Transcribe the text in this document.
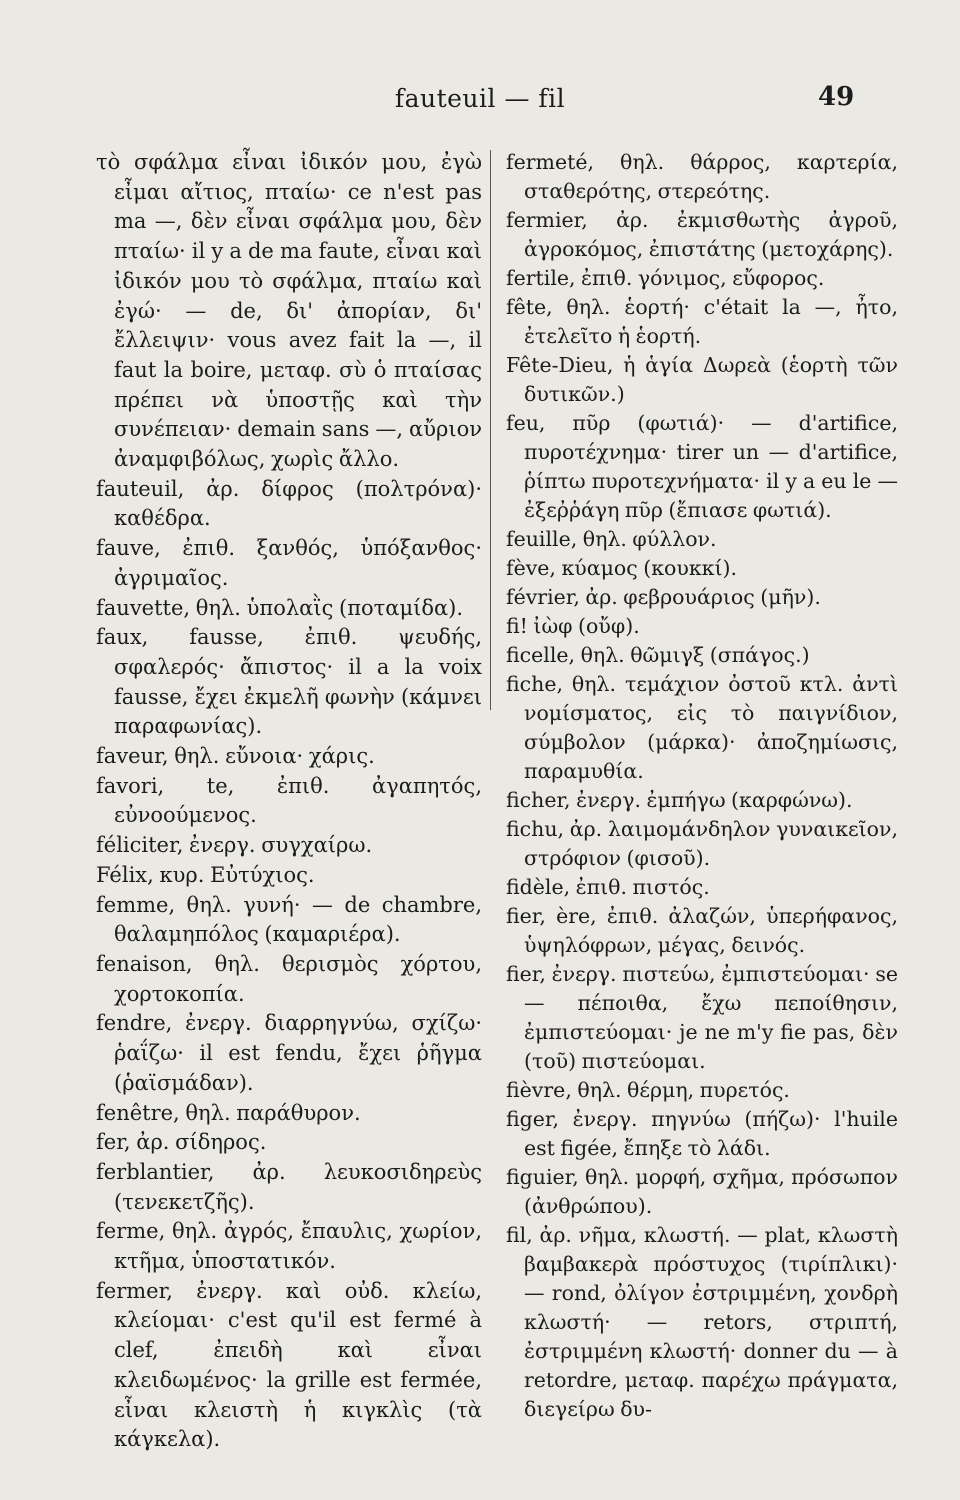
fauteuil — fil	49

τὸ σφάλμα εἶναι ἰδικόν μου, ἐγὼ εἶμαι αἴτιος, πταίω· ce n'est pas ma —, δὲν εἶναι σφάλμα μου, δὲν πταίω· il y a de ma faute, εἶναι καὶ ἰδικόν μου τὸ σφάλμα, πταίω καὶ ἐγώ· — de, δι' ἀπορίαν, δι' ἔλλειψιν· vous avez fait la —, il faut la boire, μεταφ. σὺ ὁ πταίσας πρέπει νὰ ὑποστῇς καὶ τὴν συνέπειαν· demain sans —, αὔριον ἀναμφιβόλως, χωρὶς ἄλλο.

fauteuil, ἀρ. δίφρος (πολτρόνα)· καθέδρα.

fauve, ἐπιθ. ξανθός, ὑπόξανθος· ἀγριμαῖος.

fauvette, θηλ. ὑπολαῒς (ποταμίδα).

faux, fausse, ἐπιθ. ψευδής, σφαλερός· ἄπιστος· il a la voix fausse, ἔχει ἐκμελῆ φωνὴν (κάμνει παραφωνίας).

faveur, θηλ. εὔνοια· χάρις.

favori, te, ἐπιθ. ἀγαπητός, εὐνοούμενος.

féliciter, ἐνεργ. συγχαίρω.

Félix, κυρ. Εὐτύχιος.

femme, θηλ. γυνή· — de chambre, θαλαμηπόλος (καμαριέρα).

fenaison, θηλ. θερισμὸς χόρτου, χορτοκοπία.

fendre, ἐνεργ. διαρρηγνύω, σχίζω· ῥαΐζω· il est fendu, ἔχει ῥῆγμα (ῥαϊσμάδαν).

fenêtre, θηλ. παράθυρον.

fer, ἀρ. σίδηρος.

ferblantier, ἀρ. λευκοσιδηρεὺς (τενεκετζῆς).

ferme, θηλ. ἀγρός, ἔπαυλις, χωρίον, κτῆμα, ὑποστατικόν.

fermer, ἐνεργ. καὶ οὐδ. κλείω, κλείομαι· c'est qu'il est fermé à clef, ἐπειδὴ καὶ εἶναι κλειδωμένος· la grille est fermée, εἶναι κλειστὴ ἡ κιγκλὶς (τὰ κάγκελα).

fermeté, θηλ. θάρρος, καρτερία, σταθερότης, στερεότης.

fermier, ἀρ. ἐκμισθωτὴς ἀγροῦ, ἀγροκόμος, ἐπιστάτης (μετοχάρης).

fertile, ἐπιθ. γόνιμος, εὔφορος.

fête, θηλ. ἑορτή· c'était la —, ἦτο, ἐτελεῖτο ἡ ἑορτή.

Fête-Dieu, ἡ ἁγία Δωρεὰ (ἑορτὴ τῶν δυτικῶν.)

feu, πῦρ (φωτιά)· — d'artifice, πυροτέχνημα· tirer un — d'artifice, ῥίπτω πυροτεχνήματα· il y a eu le — ἐξεῤῥάγη πῦρ (ἔπιασε φωτιά).

feuille, θηλ. φύλλον.

fève, κύαμος (κουκκί).

février, ἀρ. φεβρουάριος (μῆν).

fi! ἰὼφ (οὔφ).

ficelle, θηλ. θῶμιγξ (σπάγος.)

fiche, θηλ. τεμάχιον ὀστοῦ κτλ. ἀντὶ νομίσματος, εἰς τὸ παιγνίδιον, σύμβολον (μάρκα)· ἀποζημίωσις, παραμυθία.

ficher, ἐνεργ. ἐμπήγω (καρφώνω).

fichu, ἀρ. λαιμομάνδηλον γυναικεῖον, στρόφιον (φισοῦ).

fidèle, ἐπιθ. πιστός.

fier, ère, ἐπιθ. ἀλαζών, ὑπερήφανος, ὑψηλόφρων, μέγας, δεινός.

fier, ἐνεργ. πιστεύω, ἐμπιστεύομαι· se — πέποιθα, ἔχω πεποίθησιν, ἐμπιστεύομαι· je ne m'y fie pas, δὲν (τοῦ) πιστεύομαι.

fièvre, θηλ. θέρμη, πυρετός.

figer, ἐνεργ. πηγνύω (πήζω)· l'huile est figée, ἔπηξε τὸ λάδι.

figuier, θηλ. μορφή, σχῆμα, πρόσωπον (ἀνθρώπου).

fil, ἀρ. νῆμα, κλωστή. — plat, κλωστὴ βαμβακερὰ πρόστυχος (τιρίπλικι)· — rond, ὀλίγον ἐστριμμένη, χονδρὴ κλωστή· — retors, στριπτή, ἐστριμμένη κλωστή· donner du — à retordre, μεταφ. παρέχω πράγματα, διεγείρω δυ-
